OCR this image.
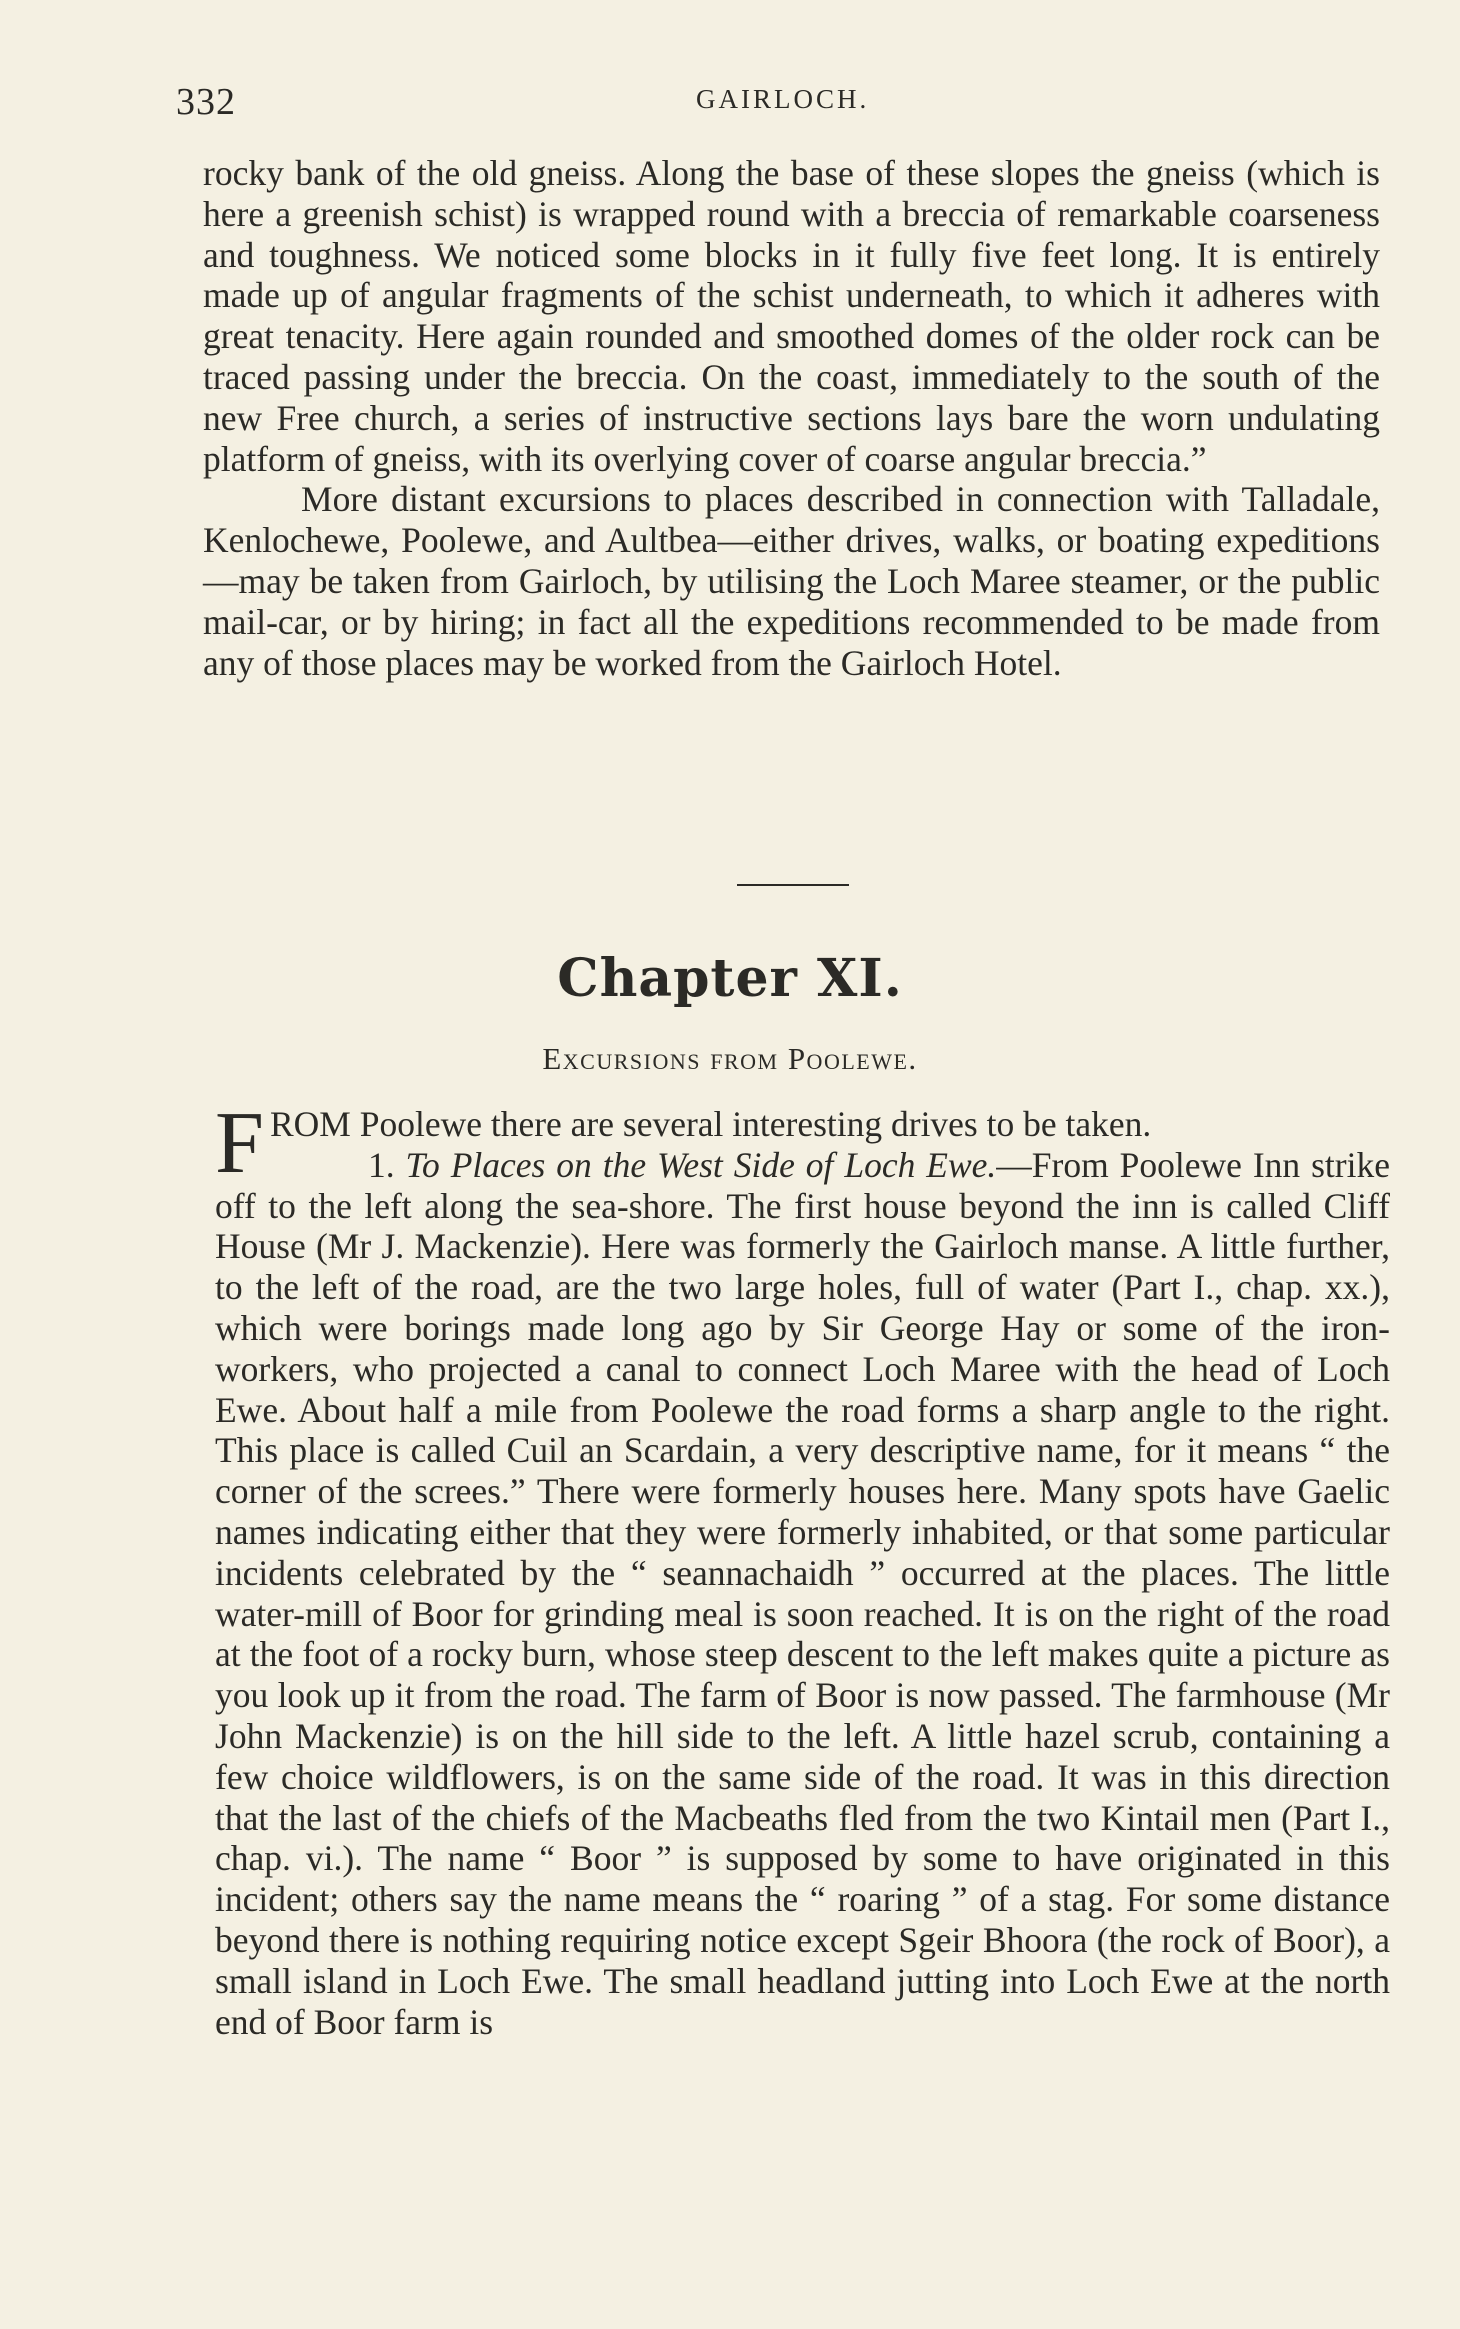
332	GAIRLOCH.

rocky bank of the old gneiss. Along the base of these slopes the gneiss (which is here a greenish schist) is wrapped round with a breccia of remarkable coarseness and toughness. We noticed some blocks in it fully five feet long. It is entirely made up of angular fragments of the schist underneath, to which it adheres with great tenacity. Here again rounded and smoothed domes of the older rock can be traced passing under the breccia. On the coast, immediately to the south of the new Free church, a series of instructive sections lays bare the worn undulating platform of gneiss, with its overlying cover of coarse angular breccia.”

More distant excursions to places described in connection with Talladale, Kenlochewe, Poolewe, and Aultbea—either drives, walks, or boating expeditions—may be taken from Gairloch, by utilising the Loch Maree steamer, or the public mail-car, or by hiring; in fact all the expeditions recommended to be made from any of those places may be worked from the Gairloch Hotel.

Chapter XI.
Excursions from Poolewe.

FROM Poolewe there are several interesting drives to be taken.

1. To Places on the West Side of Loch Ewe.—From Poolewe Inn strike off to the left along the sea-shore. The first house beyond the inn is called Cliff House (Mr J. Mackenzie). Here was formerly the Gairloch manse. A little further, to the left of the road, are the two large holes, full of water (Part I., chap. xx.), which were borings made long ago by Sir George Hay or some of the iron-workers, who projected a canal to connect Loch Maree with the head of Loch Ewe. About half a mile from Poolewe the road forms a sharp angle to the right. This place is called Cuil an Scardain, a very descriptive name, for it means “ the corner of the screes.” There were formerly houses here. Many spots have Gaelic names indicating either that they were formerly inhabited, or that some particular incidents celebrated by the “ seannachaidh ” occurred at the places. The little water-mill of Boor for grinding meal is soon reached. It is on the right of the road at the foot of a rocky burn, whose steep descent to the left makes quite a picture as you look up it from the road. The farm of Boor is now passed. The farmhouse (Mr John Mackenzie) is on the hill side to the left. A little hazel scrub, containing a few choice wildflowers, is on the same side of the road. It was in this direction that the last of the chiefs of the Macbeaths fled from the two Kintail men (Part I., chap. vi.). The name “ Boor ” is supposed by some to have originated in this incident; others say the name means the “ roaring ” of a stag. For some distance beyond there is nothing requiring notice except Sgeir Bhoora (the rock of Boor), a small island in Loch Ewe. The small headland jutting into Loch Ewe at the north end of Boor farm is
